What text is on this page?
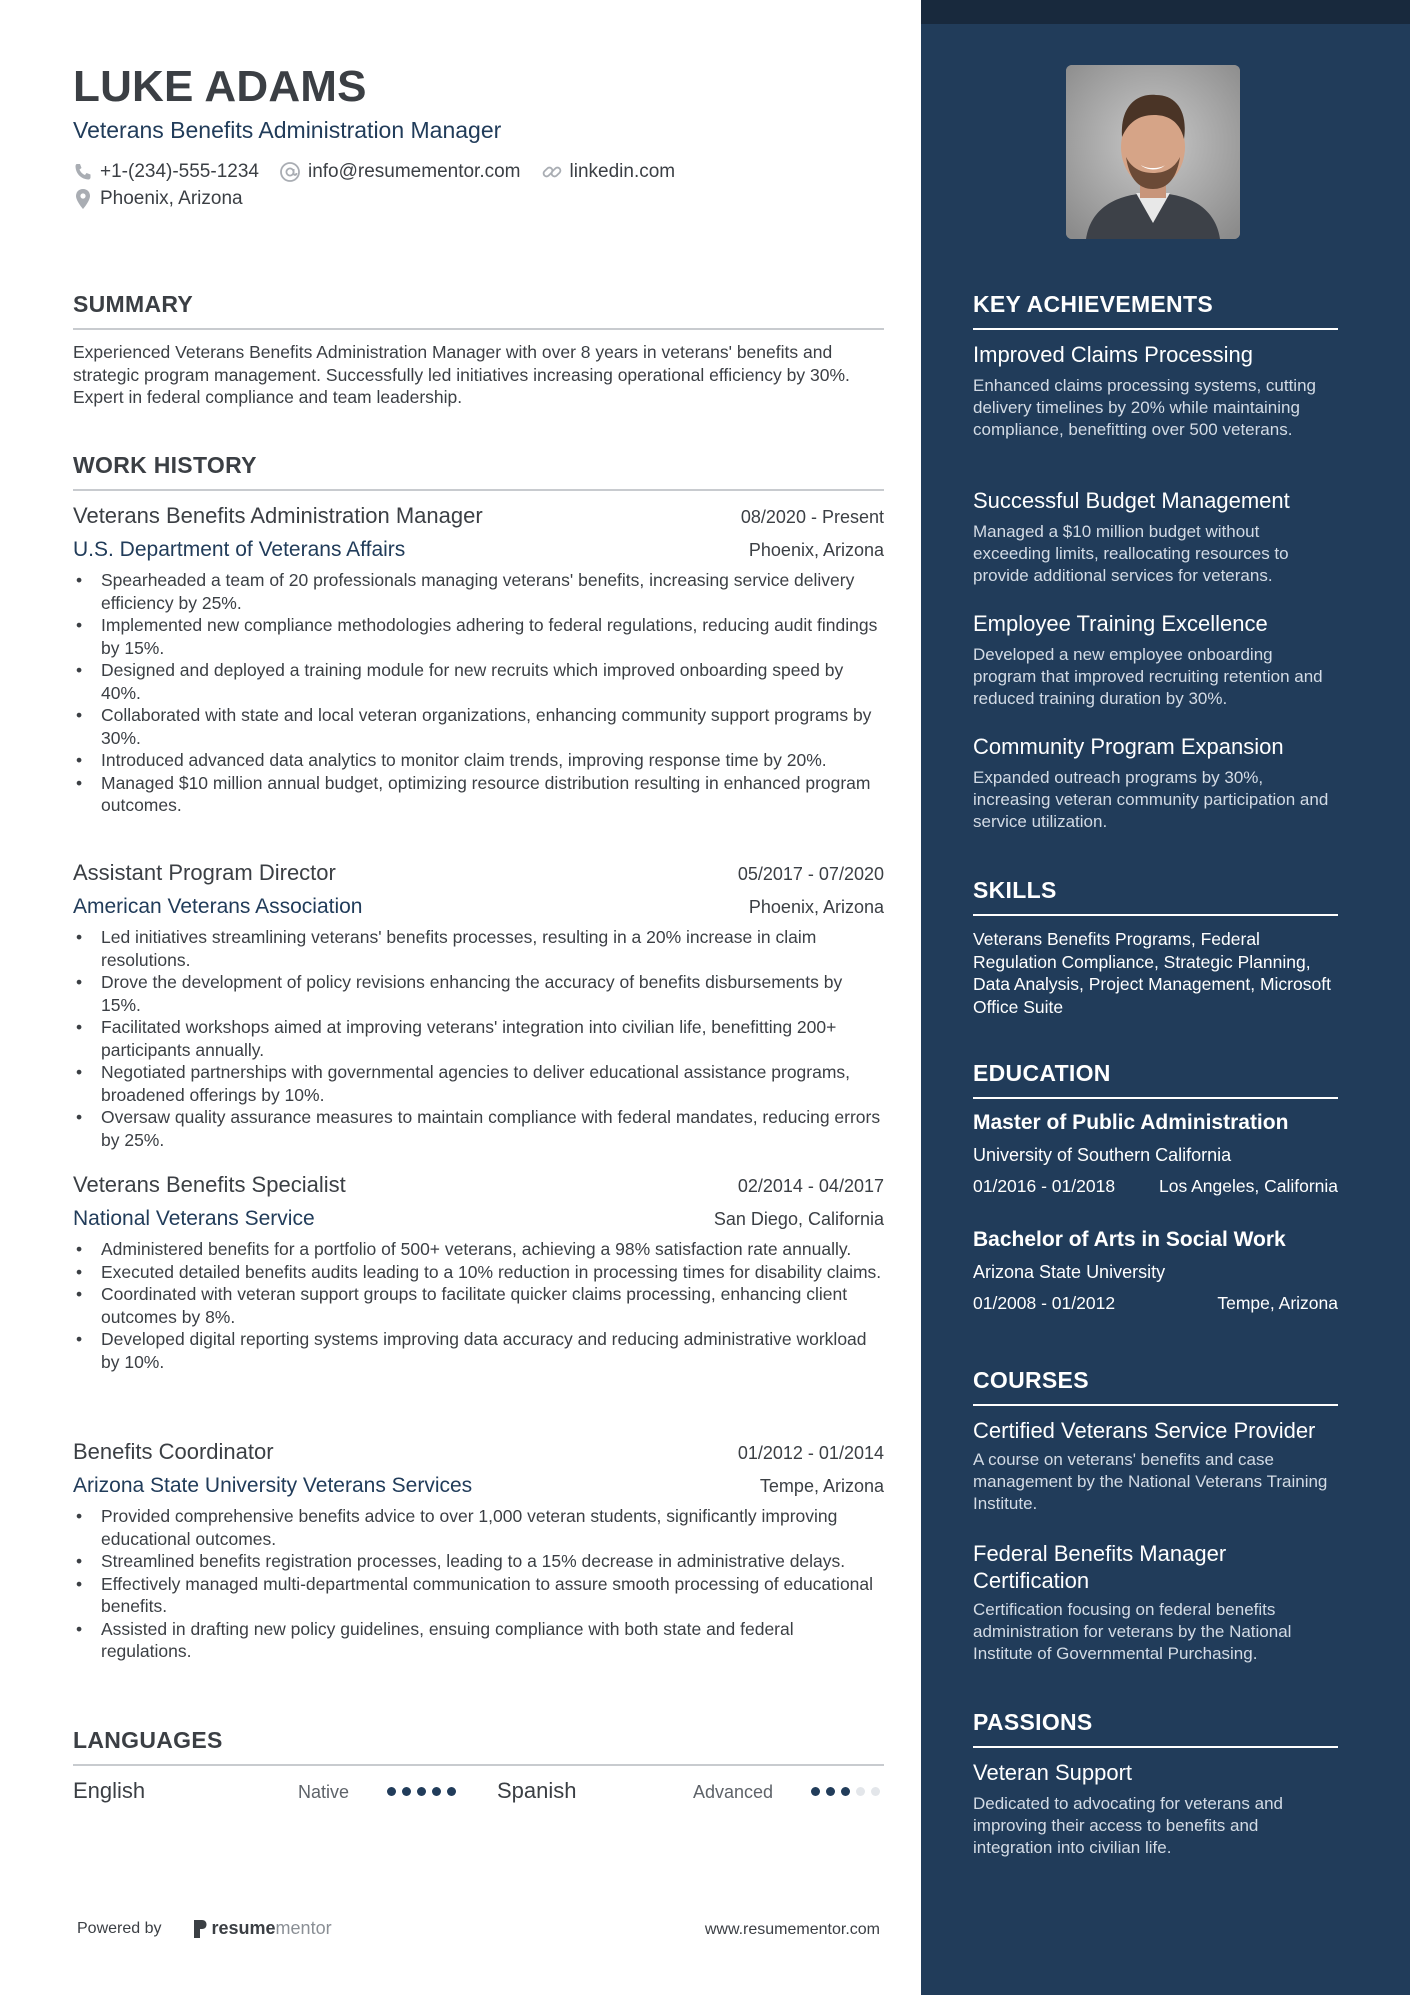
LUKE ADAMS
Veterans Benefits Administration Manager
+1-(234)-555-1234	info@resumementor.com	linkedin.com
Phoenix, Arizona
SUMMARY

Experienced Veterans Benefits Administration Manager with over 8 years in veterans' benefits and strategic program management. Successfully led initiatives increasing operational efficiency by 30%. Expert in federal compliance and team leadership.

WORK HISTORY
Veterans Benefits Administration Manager	08/2020 - Present
U.S. Department of Veterans Affairs	Phoenix, Arizona
• Spearheaded a team of 20 professionals managing veterans' benefits, increasing service delivery efficiency by 25%.
• Implemented new compliance methodologies adhering to federal regulations, reducing audit findings by 15%.
• Designed and deployed a training module for new recruits which improved onboarding speed by 40%.
• Collaborated with state and local veteran organizations, enhancing community support programs by 30%.
• Introduced advanced data analytics to monitor claim trends, improving response time by 20%.
• Managed $10 million annual budget, optimizing resource distribution resulting in enhanced program outcomes.
Assistant Program Director	05/2017 - 07/2020
American Veterans Association	Phoenix, Arizona
• Led initiatives streamlining veterans' benefits processes, resulting in a 20% increase in claim resolutions.
• Drove the development of policy revisions enhancing the accuracy of benefits disbursements by 15%.
• Facilitated workshops aimed at improving veterans' integration into civilian life, benefitting 200+ participants annually.
• Negotiated partnerships with governmental agencies to deliver educational assistance programs, broadened offerings by 10%.
• Oversaw quality assurance measures to maintain compliance with federal mandates, reducing errors by 25%.
Veterans Benefits Specialist	02/2014 - 04/2017
National Veterans Service	San Diego, California
• Administered benefits for a portfolio of 500+ veterans, achieving a 98% satisfaction rate annually.
• Executed detailed benefits audits leading to a 10% reduction in processing times for disability claims.
• Coordinated with veteran support groups to facilitate quicker claims processing, enhancing client outcomes by 8%.
• Developed digital reporting systems improving data accuracy and reducing administrative workload by 10%.
Benefits Coordinator	01/2012 - 01/2014
Arizona State University Veterans Services	Tempe, Arizona
• Provided comprehensive benefits advice to over 1,000 veteran students, significantly improving educational outcomes.
• Streamlined benefits registration processes, leading to a 15% decrease in administrative delays.
• Effectively managed multi-departmental communication to assure smooth processing of educational benefits.
• Assisted in drafting new policy guidelines, ensuing compliance with both state and federal regulations.
LANGUAGES
English	Native	Spanish	Advanced
Powered by	resume mentor	www.resumementor.com
KEY ACHIEVEMENTS

Improved Claims Processing

Enhanced claims processing systems, cutting delivery timelines by 20% while maintaining compliance, benefitting over 500 veterans.

Successful Budget Management

Managed a $10 million budget without exceeding limits, reallocating resources to provide additional services for veterans.

Employee Training Excellence

Developed a new employee onboarding program that improved recruiting retention and reduced training duration by 30%.

Community Program Expansion

Expanded outreach programs by 30%, increasing veteran community participation and service utilization.

SKILLS

Veterans Benefits Programs, Federal Regulation Compliance, Strategic Planning, Data Analysis, Project Management, Microsoft Office Suite

EDUCATION
Master of Public Administration
University of Southern California
01/2016 - 01/2018	Los Angeles, California
Bachelor of Arts in Social Work
Arizona State University
01/2008 - 01/2012	Tempe, Arizona
COURSES

Certified Veterans Service Provider

A course on veterans' benefits and case management by the National Veterans Training Institute.

Federal Benefits Manager Certification

Certification focusing on federal benefits administration for veterans by the National Institute of Governmental Purchasing.

PASSIONS

Veteran Support

Dedicated to advocating for veterans and improving their access to benefits and integration into civilian life.
